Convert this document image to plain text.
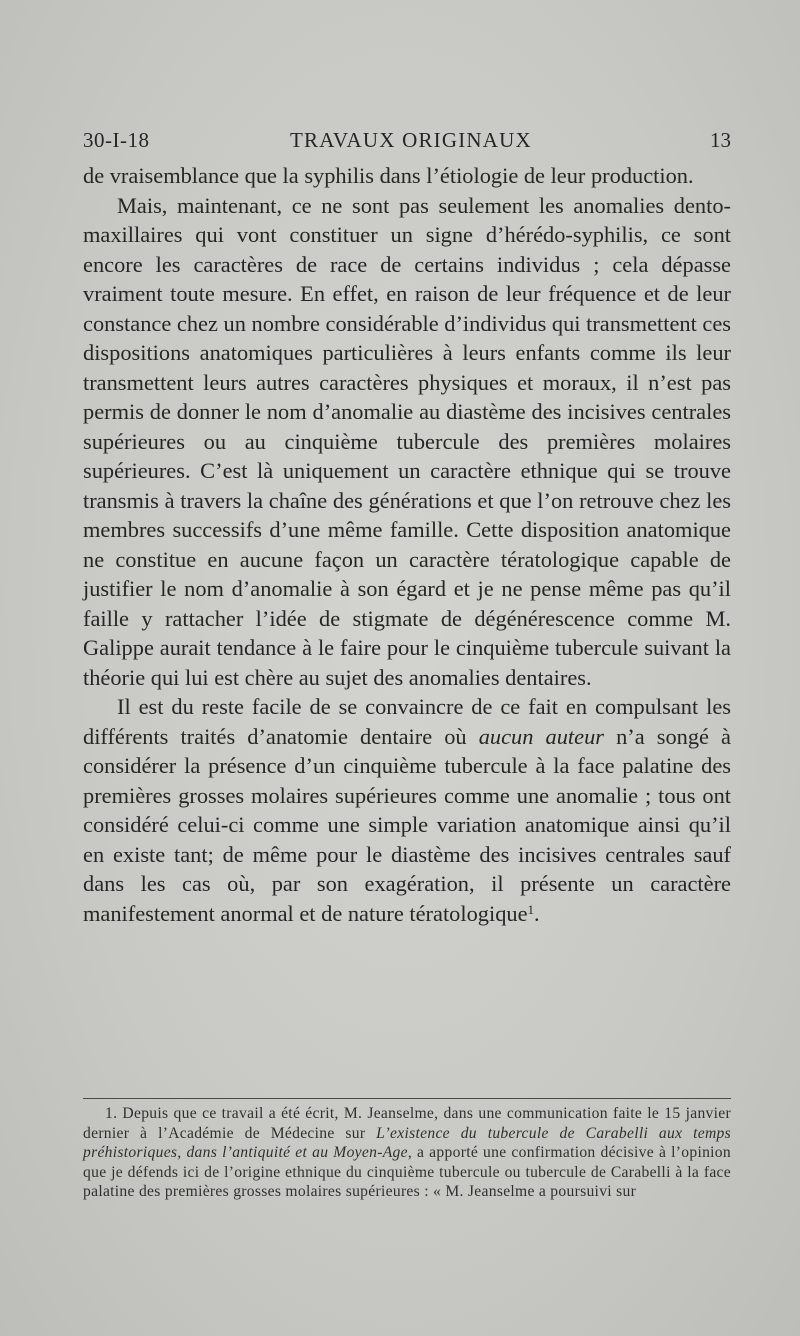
30-I-18	TRAVAUX ORIGINAUX	13

de vraisemblance que la syphilis dans l’étiologie de leur production.

Mais, maintenant, ce ne sont pas seulement les anomalies dento-maxillaires qui vont constituer un signe d’hérédo-syphilis, ce sont encore les caractères de race de certains individus ; cela dépasse vraiment toute mesure. En effet, en raison de leur fréquence et de leur constance chez un nombre considérable d’individus qui transmettent ces dispositions anatomiques particulières à leurs enfants comme ils leur transmettent leurs autres caractères physiques et moraux, il n’est pas permis de donner le nom d’anomalie au diastème des incisives centrales supérieures ou au cinquième tubercule des premières molaires supérieures. C’est là uniquement un caractère ethnique qui se trouve transmis à travers la chaîne des générations et que l’on retrouve chez les membres successifs d’une même famille. Cette disposition anatomique ne constitue en aucune façon un caractère tératologique capable de justifier le nom d’anomalie à son égard et je ne pense même pas qu’il faille y rattacher l’idée de stigmate de dégénérescence comme M. Galippe aurait tendance à le faire pour le cinquième tubercule suivant la théorie qui lui est chère au sujet des anomalies dentaires.

Il est du reste facile de se convaincre de ce fait en compulsant les différents traités d’anatomie dentaire où aucun auteur n’a songé à considérer la présence d’un cinquième tubercule à la face palatine des premières grosses molaires supérieures comme une anomalie ; tous ont considéré celui-ci comme une simple variation anatomique ainsi qu’il en existe tant; de même pour le diastème des incisives centrales sauf dans les cas où, par son exagération, il présente un caractère manifestement anormal et de nature tératologique$^1$.

1. Depuis que ce travail a été écrit, M. Jeanselme, dans une communication faite le 15 janvier dernier à l’Académie de Médecine sur L’existence du tubercule de Carabelli aux temps préhistoriques, dans l’antiquité et au Moyen-Age, a apporté une confirmation décisive à l’opinion que je défends ici de l’origine ethnique du cinquième tubercule ou tubercule de Carabelli à la face palatine des premières grosses molaires supérieures : « M. Jeanselme a poursuivi sur
